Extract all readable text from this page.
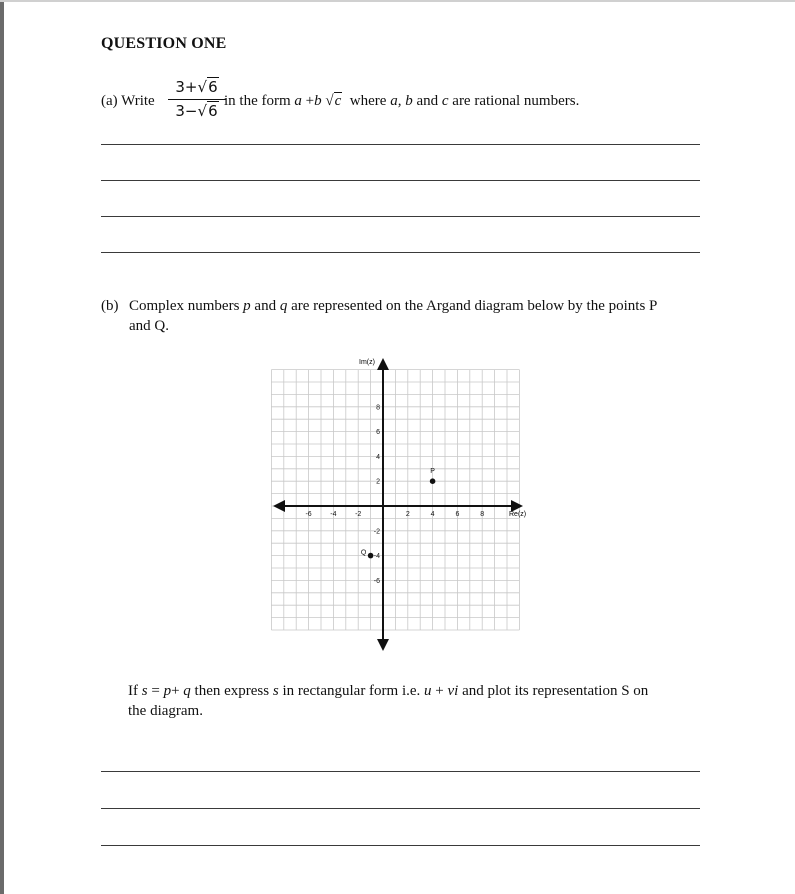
QUESTION ONE
(a) Write
3+√6
3−√6
in the form a +b √c where a, b and c are rational numbers.
(b) Complex numbers p and q are represented on the Argand diagram below by the points P
and Q.
-6	-4	-2	2	4	6	8
8
6
4
2
-2
-4
-6
P
Q
Re(z)
Im(z)
If s = p+ q then express s in rectangular form i.e. u + vi and plot its representation S on
the diagram.
